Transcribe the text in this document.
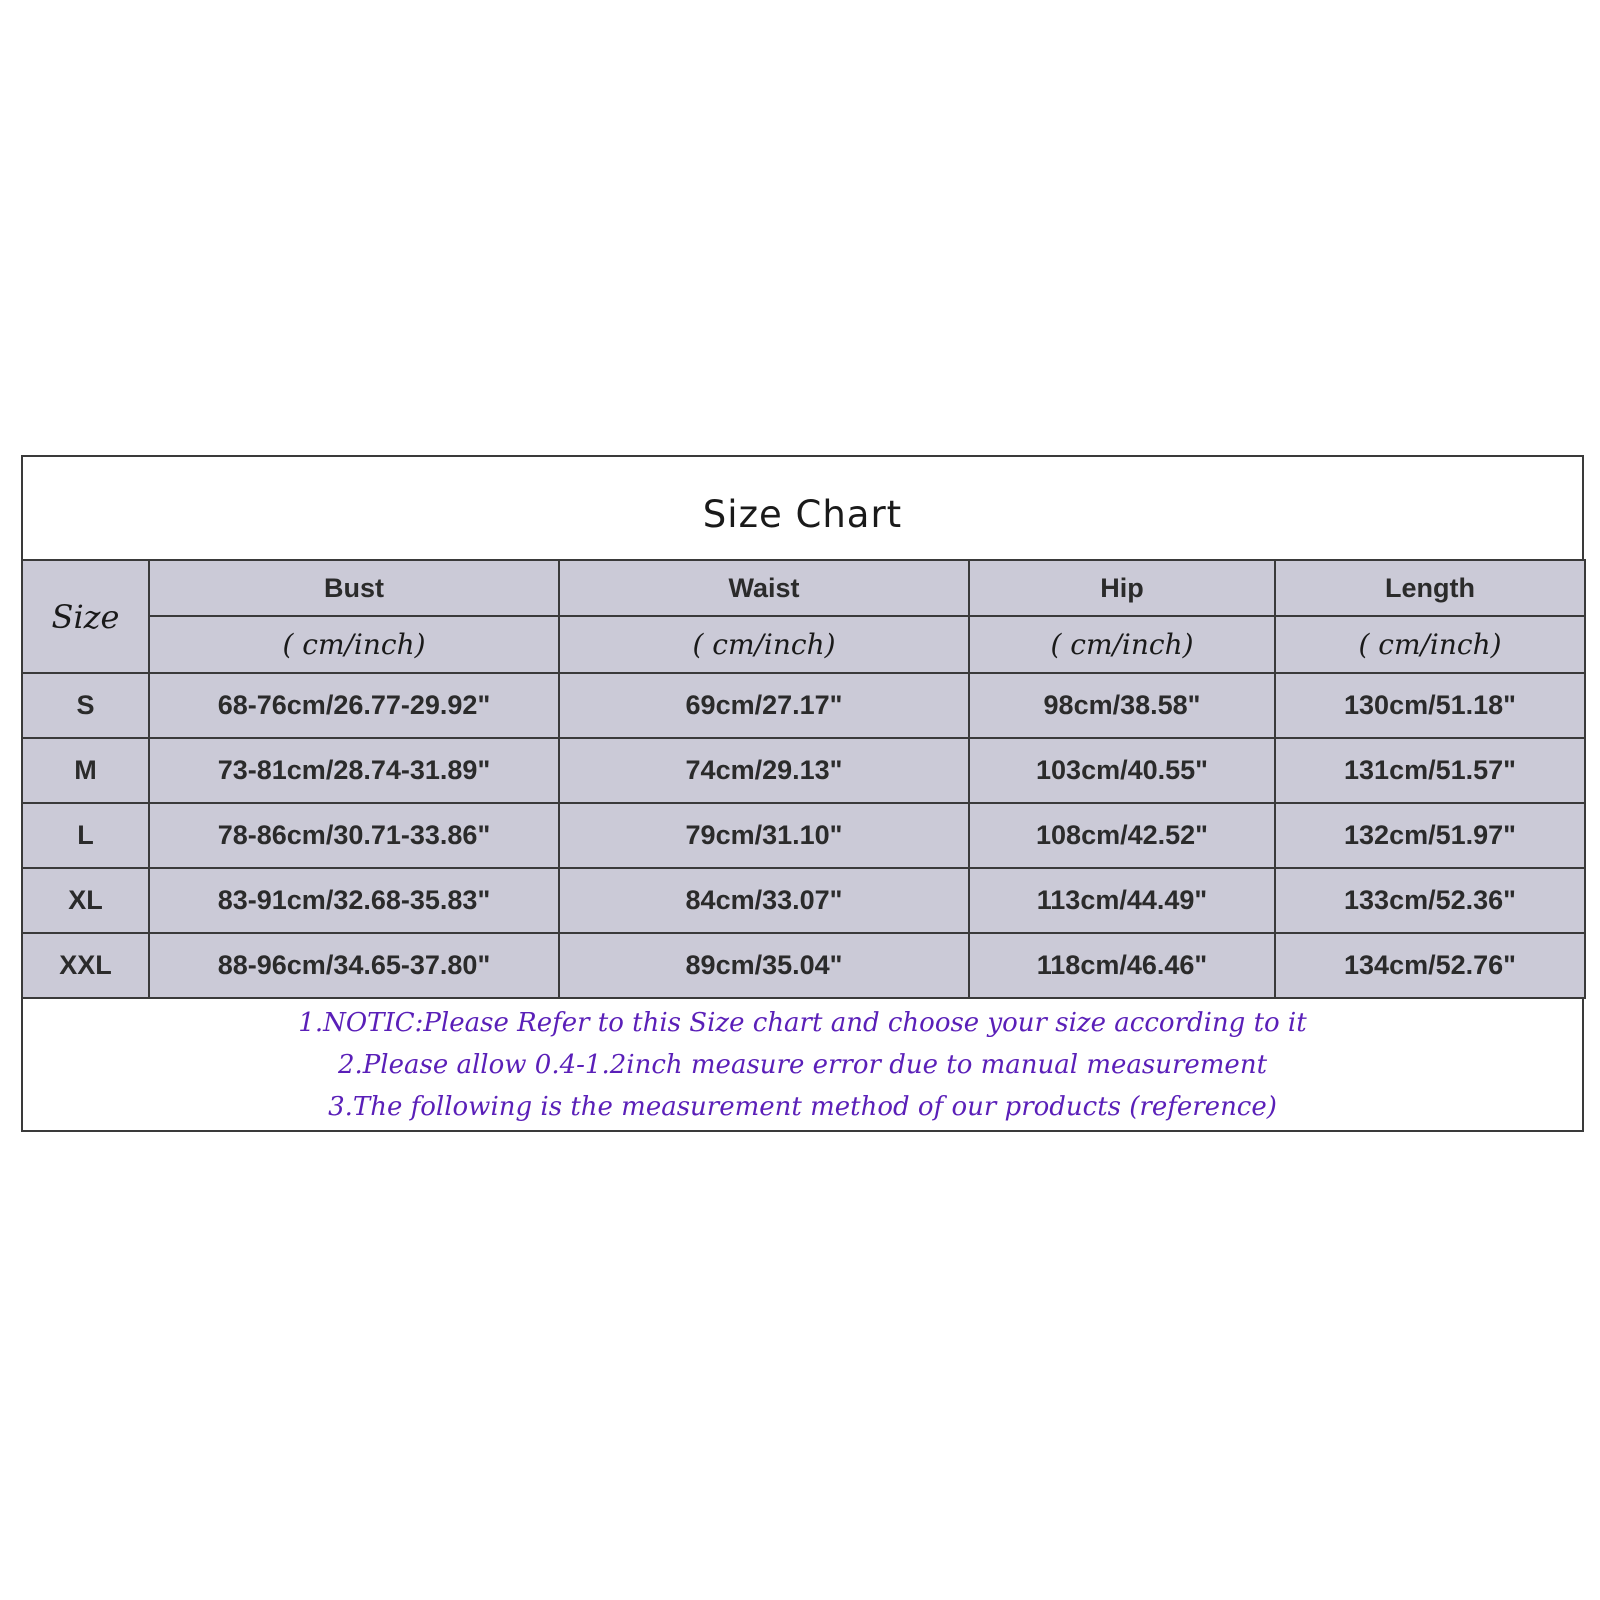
Size Chart
Size	Bust	Waist	Hip	Length
	( cm/inch)	( cm/inch)	( cm/inch)	( cm/inch)
S	68-76cm/26.77-29.92"	69cm/27.17"	98cm/38.58"	130cm/51.18"
M	73-81cm/28.74-31.89"	74cm/29.13"	103cm/40.55"	131cm/51.57"
L	78-86cm/30.71-33.86"	79cm/31.10"	108cm/42.52"	132cm/51.97"
XL	83-91cm/32.68-35.83"	84cm/33.07"	113cm/44.49"	133cm/52.36"
XXL	88-96cm/34.65-37.80"	89cm/35.04"	118cm/46.46"	134cm/52.76"
1.NOTIC:Please Refer to this Size chart and choose your size according to it
2.Please allow 0.4-1.2inch measure error due to manual measurement
3.The following is the measurement method of our products (reference)
